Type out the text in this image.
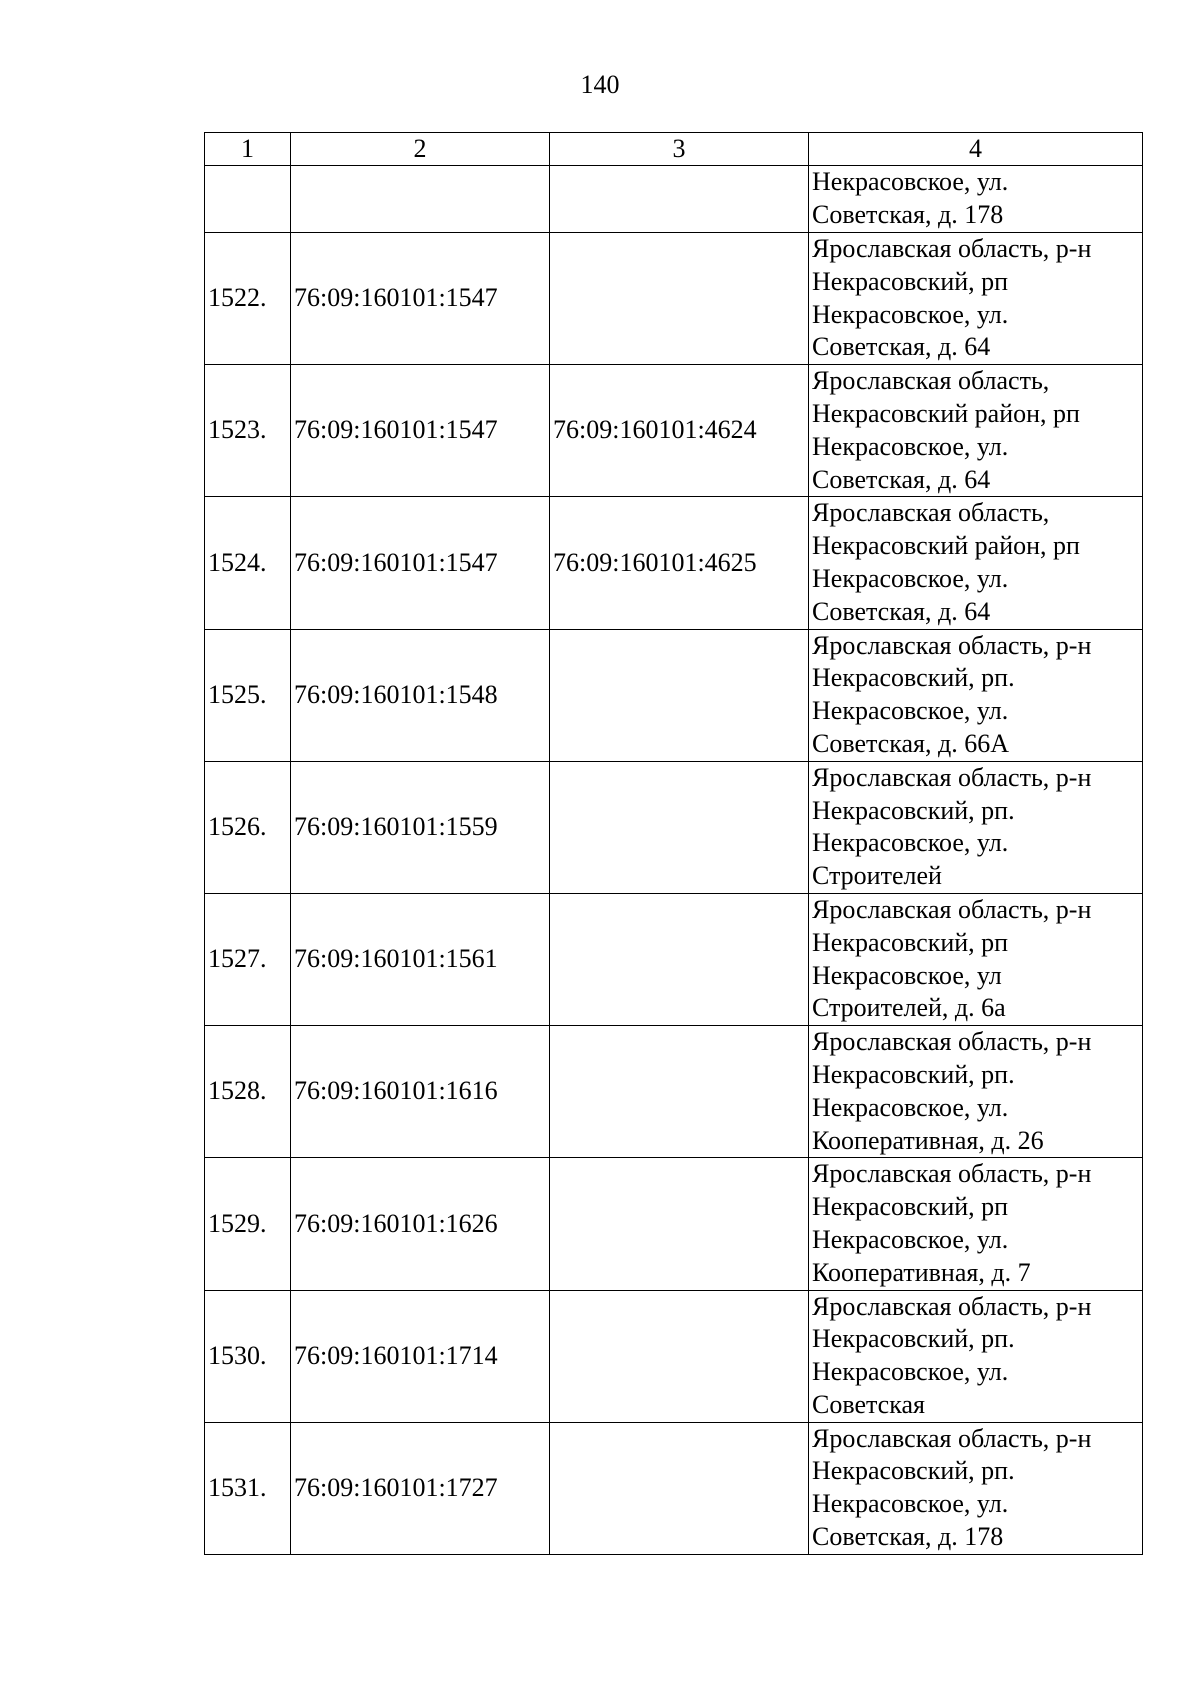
140
1	2	3	4
			Некрасовское, ул.
Советская, д. 178
1522.	76:09:160101:1547		Ярославская область, р-н
Некрасовский, рп
Некрасовское, ул.
Советская, д. 64
1523.	76:09:160101:1547	76:09:160101:4624	Ярославская область,
Некрасовский район, рп
Некрасовское, ул.
Советская, д. 64
1524.	76:09:160101:1547	76:09:160101:4625	Ярославская область,
Некрасовский район, рп
Некрасовское, ул.
Советская, д. 64
1525.	76:09:160101:1548		Ярославская область, р-н
Некрасовский, рп.
Некрасовское, ул.
Советская, д. 66А
1526.	76:09:160101:1559		Ярославская область, р-н
Некрасовский, рп.
Некрасовское, ул.
Строителей
1527.	76:09:160101:1561		Ярославская область, р-н
Некрасовский, рп
Некрасовское, ул
Строителей, д. 6а
1528.	76:09:160101:1616		Ярославская область, р-н
Некрасовский, рп.
Некрасовское, ул.
Кооперативная, д. 26
1529.	76:09:160101:1626		Ярославская область, р-н
Некрасовский, рп
Некрасовское, ул.
Кооперативная, д. 7
1530.	76:09:160101:1714		Ярославская область, р-н
Некрасовский, рп.
Некрасовское, ул.
Советская
1531.	76:09:160101:1727		Ярославская область, р-н
Некрасовский, рп.
Некрасовское, ул.
Советская, д. 178
